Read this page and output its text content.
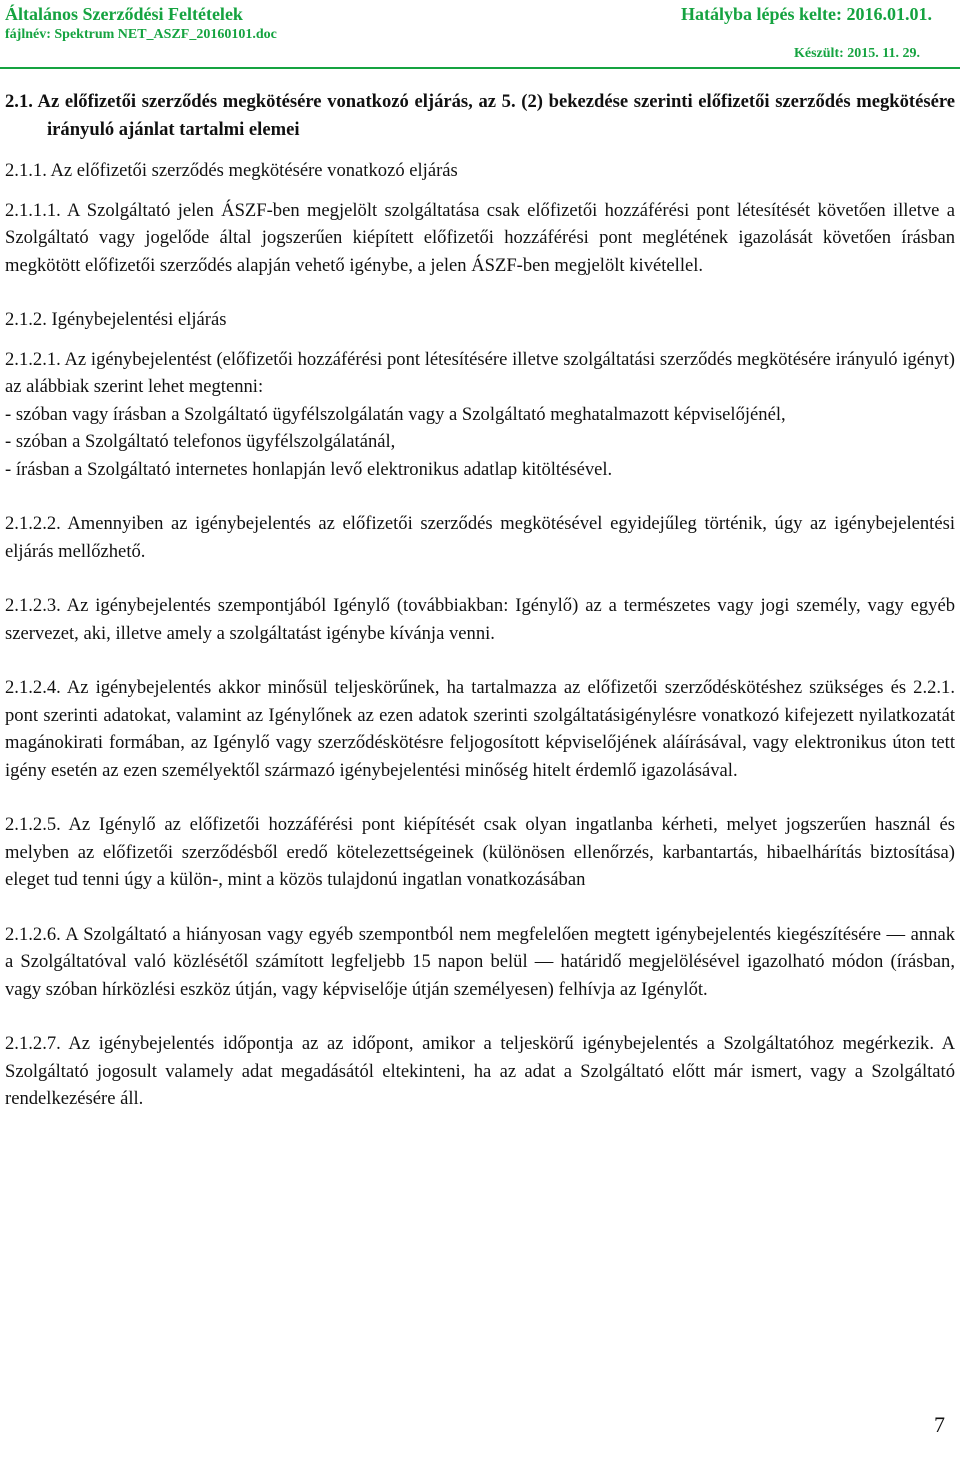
Általános Szerződési Feltételek	Hatályba lépés kelte: 2016.01.01.
fájlnév: Spektrum NET_ASZF_20160101.doc
Készült: 2015. 11. 29.

2.1. Az előfizetői szerződés megkötésére vonatkozó eljárás, az 5. (2) bekezdése szerinti előfizetői szerződés megkötésére irányuló ajánlat tartalmi elemei

2.1.1. Az előfizetői szerződés megkötésére vonatkozó eljárás

2.1.1.1. A Szolgáltató jelen ÁSZF-ben megjelölt szolgáltatása csak előfizetői hozzáférési pont létesítését követően illetve a Szolgáltató vagy jogelőde által jogszerűen kiépített előfizetői hozzáférési pont meglétének igazolását követően írásban megkötött előfizetői szerződés alapján vehető igénybe, a jelen ÁSZF-ben megjelölt kivétellel.

2.1.2. Igénybejelentési eljárás

2.1.2.1. Az igénybejelentést (előfizetői hozzáférési pont létesítésére illetve szolgáltatási szerződés megkötésére irányuló igényt) az alábbiak szerint lehet megtenni:

- szóban vagy írásban a Szolgáltató ügyfélszolgálatán vagy a Szolgáltató meghatalmazott képviselőjénél,
- szóban a Szolgáltató telefonos ügyfélszolgálatánál,
- írásban a Szolgáltató internetes honlapján levő elektronikus adatlap kitöltésével.

2.1.2.2. Amennyiben az igénybejelentés az előfizetői szerződés megkötésével egyidejűleg történik, úgy az igénybejelentési eljárás mellőzhető.

2.1.2.3. Az igénybejelentés szempontjából Igénylő (továbbiakban: Igénylő) az a természetes vagy jogi személy, vagy egyéb szervezet, aki, illetve amely a szolgáltatást igénybe kívánja venni.

2.1.2.4. Az igénybejelentés akkor minősül teljeskörűnek, ha tartalmazza az előfizetői szerződéskötéshez szükséges és 2.2.1. pont szerinti adatokat, valamint az Igénylőnek az ezen adatok szerinti szolgáltatásigénylésre vonatkozó kifejezett nyilatkozatát magánokirati formában, az Igénylő vagy szerződéskötésre feljogosított képviselőjének aláírásával, vagy elektronikus úton tett igény esetén az ezen személyektől származó igénybejelentési minőség hitelt érdemlő igazolásával.

2.1.2.5. Az Igénylő az előfizetői hozzáférési pont kiépítését csak olyan ingatlanba kérheti, melyet jogszerűen használ és melyben az előfizetői szerződésből eredő kötelezettségeinek (különösen ellenőrzés, karbantartás, hibaelhárítás biztosítása) eleget tud tenni úgy a külön-, mint a közös tulajdonú ingatlan vonatkozásában

2.1.2.6. A Szolgáltató a hiányosan vagy egyéb szempontból nem megfelelően megtett igénybejelentés kiegészítésére — annak a Szolgáltatóval való közlésétől számított legfeljebb 15 napon belül — határidő megjelölésével igazolható módon (írásban, vagy szóban hírközlési eszköz útján, vagy képviselője útján személyesen) felhívja az Igénylőt.

2.1.2.7. Az igénybejelentés időpontja az az időpont, amikor a teljeskörű igénybejelentés a Szolgáltatóhoz megérkezik. A Szolgáltató jogosult valamely adat megadásától eltekinteni, ha az adat a Szolgáltató előtt már ismert, vagy a Szolgáltató rendelkezésére áll.

7
